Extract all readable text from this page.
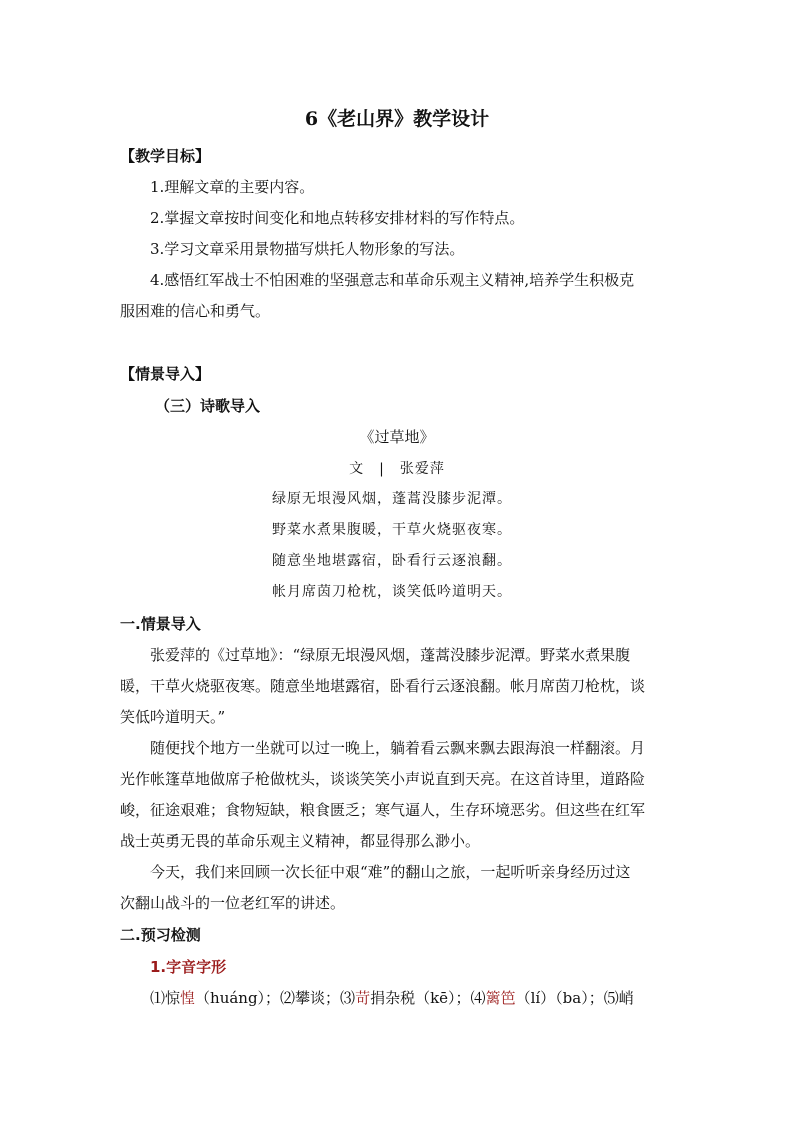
6《老山界》教学设计
【教学目标】
1.理解文章的主要内容。
2.掌握文章按时间变化和地点转移安排材料的写作特点。
3.学习文章采用景物描写烘托人物形象的写法。
4.感悟红军战士不怕困难的坚强意志和革命乐观主义精神,培养学生积极克
服困难的信心和勇气。
【情景导入】
（三）诗歌导入
《过草地》
文　|　张爱萍
绿原无垠漫风烟，蓬蒿没膝步泥潭。
野菜水煮果腹暖，干草火烧驱夜寒。
随意坐地堪露宿，卧看行云逐浪翻。
帐月席茵刀枪枕，谈笑低吟道明天。
一.情景导入
张爱萍的《过草地》：“绿原无垠漫风烟，蓬蒿没膝步泥潭。野菜水煮果腹
暖，干草火烧驱夜寒。随意坐地堪露宿，卧看行云逐浪翻。帐月席茵刀枪枕，谈
笑低吟道明天。”
随便找个地方一坐就可以过一晚上，躺着看云飘来飘去跟海浪一样翻滚。月
光作帐篷草地做席子枪做枕头，谈谈笑笑小声说直到天亮。在这首诗里，道路险
峻，征途艰难；食物短缺，粮食匮乏；寒气逼人，生存环境恶劣。但这些在红军
战士英勇无畏的革命乐观主义精神，都显得那么渺小。
今天，我们来回顾一次长征中艰“难”的翻山之旅，一起听听亲身经历过这
次翻山战斗的一位老红军的讲述。
二.预习检测
1.字音字形
⑴惊惶（huáng）；⑵攀谈；⑶苛捐杂税（kē）；⑷篱笆（lí）（ba）；⑸峭
